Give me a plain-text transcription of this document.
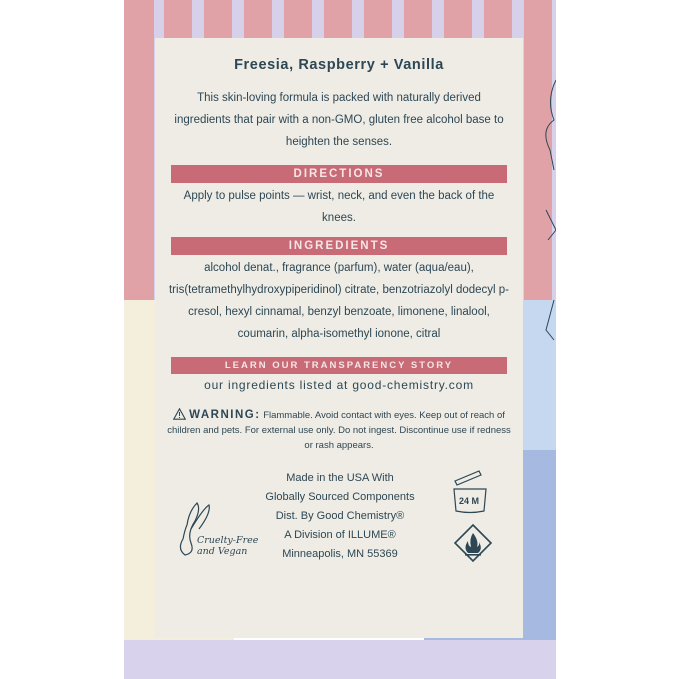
Freesia, Raspberry + Vanilla
This skin-loving formula is packed with naturally derived ingredients that pair with a non-GMO, gluten free alcohol base to heighten the senses.
DIRECTIONS
Apply to pulse points — wrist, neck, and even the back of the knees.
INGREDIENTS
alcohol denat., fragrance (parfum), water (aqua/eau), tris(tetramethylhydroxypiperidinol) citrate, benzotriazolyl dodecyl p-cresol, hexyl cinnamal, benzyl benzoate, limonene, linalool, coumarin, alpha-isomethyl ionone, citral
LEARN OUR TRANSPARENCY STORY
our ingredients listed at good-chemistry.com
WARNING: Flammable. Avoid contact with eyes. Keep out of reach of children and pets. For external use only. Do not ingest. Discontinue use if redness or rash appears.
Cruelty-Free
and Vegan
Made in the USA With
Globally Sourced Components
Dist. By Good Chemistry®
A Division of ILLUME®
Minneapolis, MN 55369
24 M
